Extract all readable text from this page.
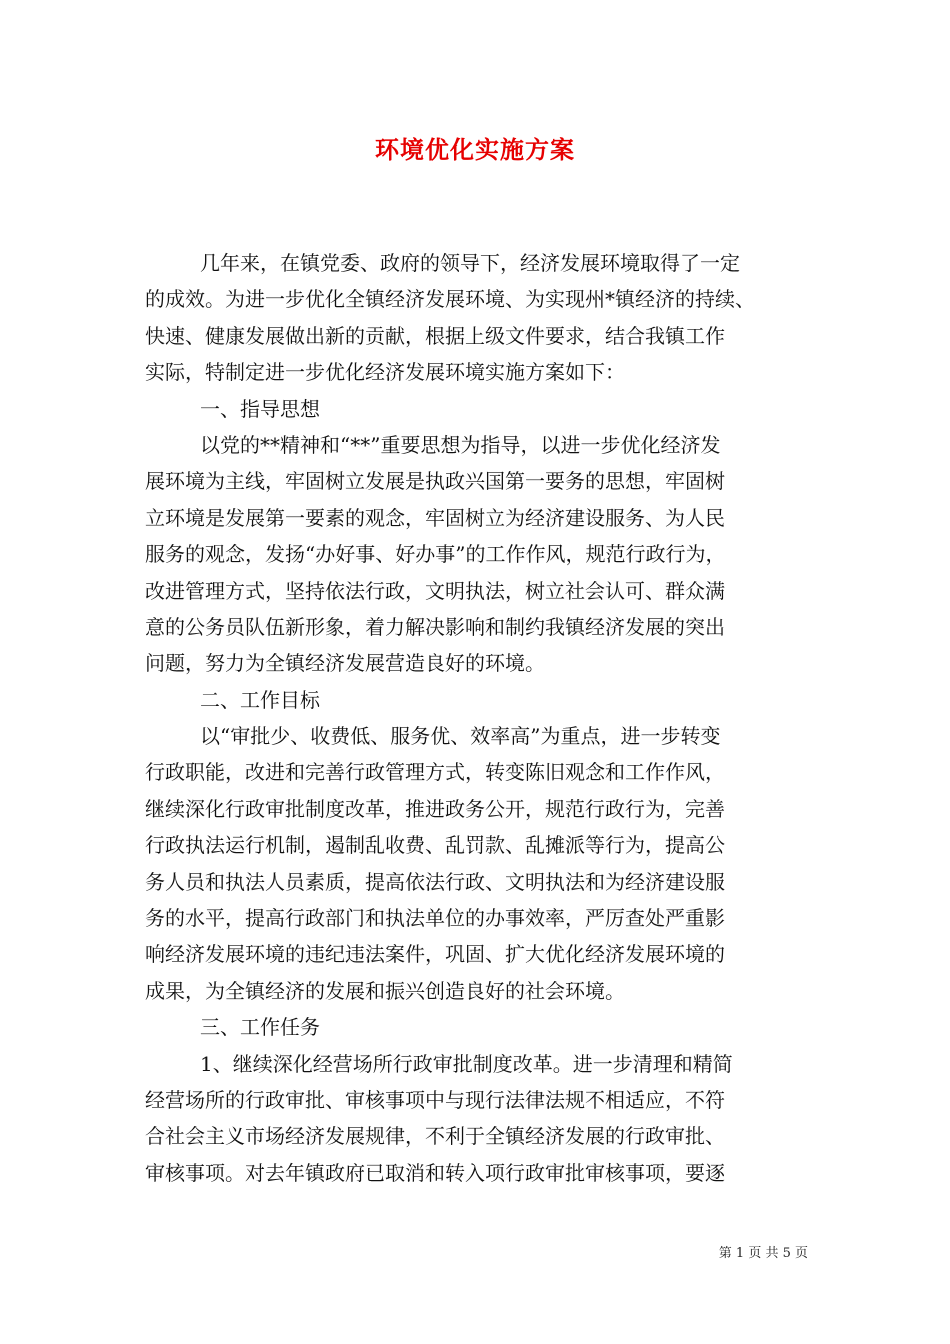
环境优化实施方案
几年来，在镇党委、政府的领导下，经济发展环境取得了一定
的成效。为进一步优化全镇经济发展环境、为实现州*镇经济的持续、
快速、健康发展做出新的贡献，根据上级文件要求，结合我镇工作
实际，特制定进一步优化经济发展环境实施方案如下：
一、指导思想
以党的**精神和“**”重要思想为指导，以进一步优化经济发
展环境为主线，牢固树立发展是执政兴国第一要务的思想，牢固树
立环境是发展第一要素的观念，牢固树立为经济建设服务、为人民
服务的观念，发扬“办好事、好办事”的工作作风，规范行政行为，
改进管理方式，坚持依法行政，文明执法，树立社会认可、群众满
意的公务员队伍新形象，着力解决影响和制约我镇经济发展的突出
问题，努力为全镇经济发展营造良好的环境。
二、工作目标
以“审批少、收费低、服务优、效率高”为重点，进一步转变
行政职能，改进和完善行政管理方式，转变陈旧观念和工作作风，
继续深化行政审批制度改革，推进政务公开，规范行政行为，完善
行政执法运行机制，遏制乱收费、乱罚款、乱摊派等行为，提高公
务人员和执法人员素质，提高依法行政、文明执法和为经济建设服
务的水平，提高行政部门和执法单位的办事效率，严厉查处严重影
响经济发展环境的违纪违法案件，巩固、扩大优化经济发展环境的
成果，为全镇经济的发展和振兴创造良好的社会环境。
三、工作任务
1、继续深化经营场所行政审批制度改革。进一步清理和精简
经营场所的行政审批、审核事项中与现行法律法规不相适应，不符
合社会主义市场经济发展规律，不利于全镇经济发展的行政审批、
审核事项。对去年镇政府已取消和转入项行政审批审核事项，要逐
第 1 页 共 5 页
